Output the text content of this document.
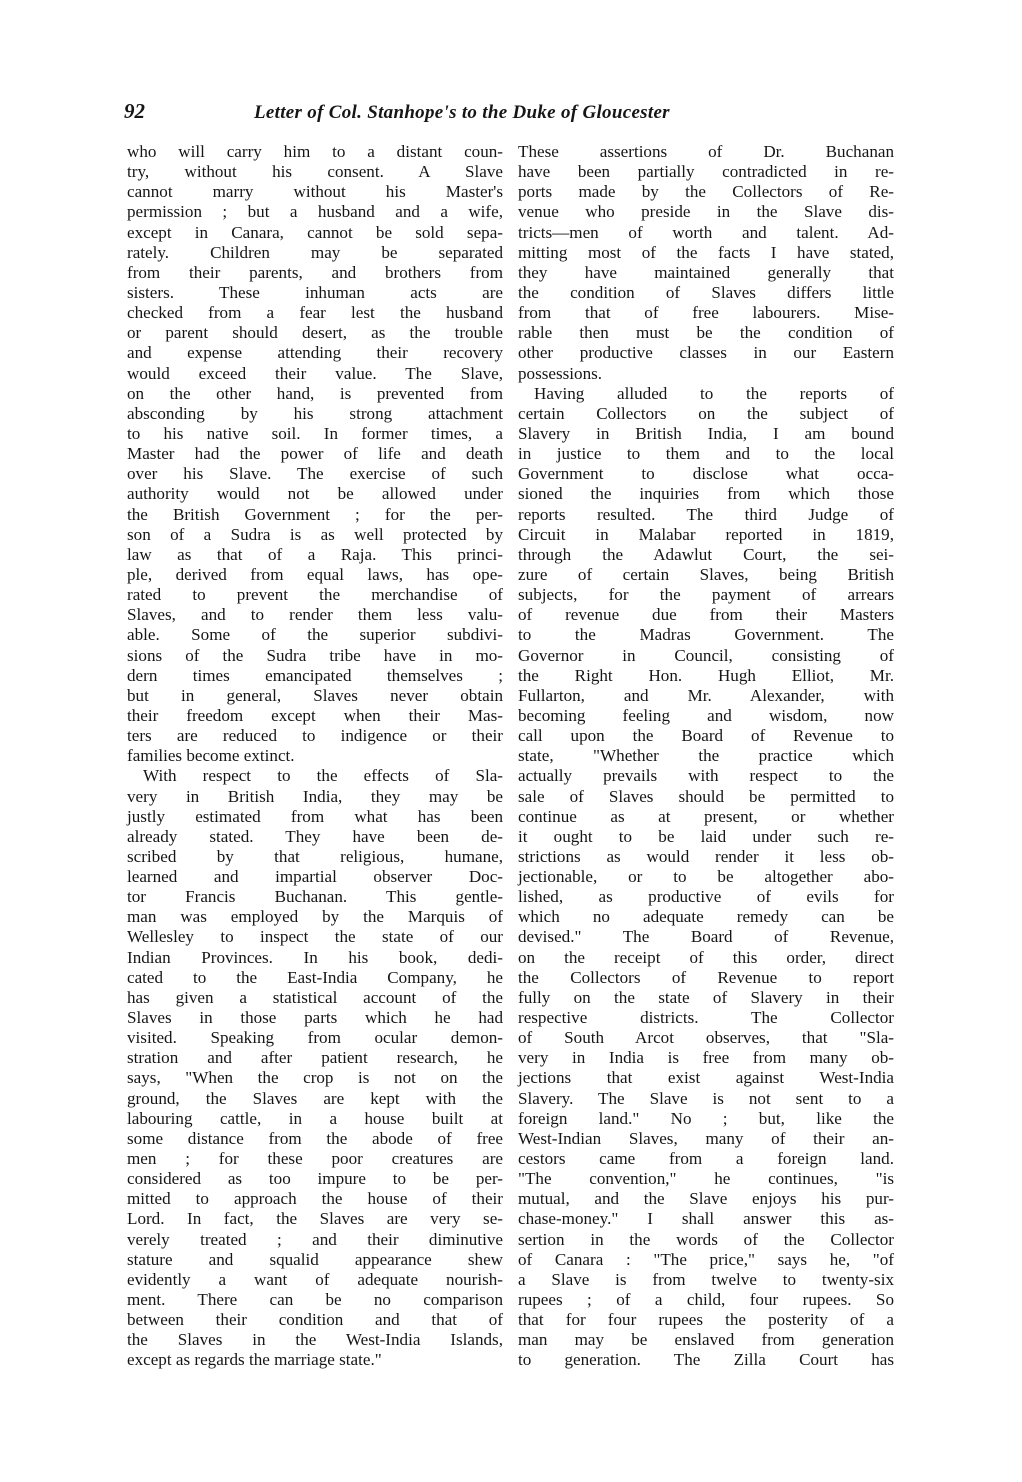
92	Letter of Col. Stanhope's to the Duke of Gloucester
who will carry him to a distant coun-
try, without his consent. A Slave
cannot marry without his Master's
permission ; but a husband and a wife,
except in Canara, cannot be sold sepa-
rately. Children may be separated
from their parents, and brothers from
sisters. These inhuman acts are
checked from a fear lest the husband
or parent should desert, as the trouble
and expense attending their recovery
would exceed their value. The Slave,
on the other hand, is prevented from
absconding by his strong attachment
to his native soil. In former times, a
Master had the power of life and death
over his Slave. The exercise of such
authority would not be allowed under
the British Government ; for the per-
son of a Sudra is as well protected by
law as that of a Raja. This princi-
ple, derived from equal laws, has ope-
rated to prevent the merchandise of
Slaves, and to render them less valu-
able. Some of the superior subdivi-
sions of the Sudra tribe have in mo-
dern times emancipated themselves ;
but in general, Slaves never obtain
their freedom except when their Mas-
ters are reduced to indigence or their
families become extinct.
With respect to the effects of Sla-
very in British India, they may be
justly estimated from what has been
already stated. They have been de-
scribed by that religious, humane,
learned and impartial observer Doc-
tor Francis Buchanan. This gentle-
man was employed by the Marquis of
Wellesley to inspect the state of our
Indian Provinces. In his book, dedi-
cated to the East-India Company, he
has given a statistical account of the
Slaves in those parts which he had
visited. Speaking from ocular demon-
stration and after patient research, he
says, "When the crop is not on the
ground, the Slaves are kept with the
labouring cattle, in a house built at
some distance from the abode of free
men ; for these poor creatures are
considered as too impure to be per-
mitted to approach the house of their
Lord. In fact, the Slaves are very se-
verely treated ; and their diminutive
stature and squalid appearance shew
evidently a want of adequate nourish-
ment. There can be no comparison
between their condition and that of
the Slaves in the West-India Islands,
except as regards the marriage state."
These assertions of Dr. Buchanan
have been partially contradicted in re-
ports made by the Collectors of Re-
venue who preside in the Slave dis-
tricts—men of worth and talent. Ad-
mitting most of the facts I have stated,
they have maintained generally that
the condition of Slaves differs little
from that of free labourers. Mise-
rable then must be the condition of
other productive classes in our Eastern
possessions.
Having alluded to the reports of
certain Collectors on the subject of
Slavery in British India, I am bound
in justice to them and to the local
Government to disclose what occa-
sioned the inquiries from which those
reports resulted. The third Judge of
Circuit in Malabar reported in 1819,
through the Adawlut Court, the sei-
zure of certain Slaves, being British
subjects, for the payment of arrears
of revenue due from their Masters
to the Madras Government. The
Governor in Council, consisting of
the Right Hon. Hugh Elliot, Mr.
Fullarton, and Mr. Alexander, with
becoming feeling and wisdom, now
call upon the Board of Revenue to
state, "Whether the practice which
actually prevails with respect to the
sale of Slaves should be permitted to
continue as at present, or whether
it ought to be laid under such re-
strictions as would render it less ob-
jectionable, or to be altogether abo-
lished, as productive of evils for
which no adequate remedy can be
devised." The Board of Revenue,
on the receipt of this order, direct
the Collectors of Revenue to report
fully on the state of Slavery in their
respective districts. The Collector
of South Arcot observes, that "Sla-
very in India is free from many ob-
jections that exist against West-India
Slavery. The Slave is not sent to a
foreign land." No ; but, like the
West-Indian Slaves, many of their an-
cestors came from a foreign land.
"The convention," he continues, "is
mutual, and the Slave enjoys his pur-
chase-money." I shall answer this as-
sertion in the words of the Collector
of Canara : "The price," says he, "of
a Slave is from twelve to twenty-six
rupees ; of a child, four rupees. So
that for four rupees the posterity of a
man may be enslaved from generation
to generation. The Zilla Court has
